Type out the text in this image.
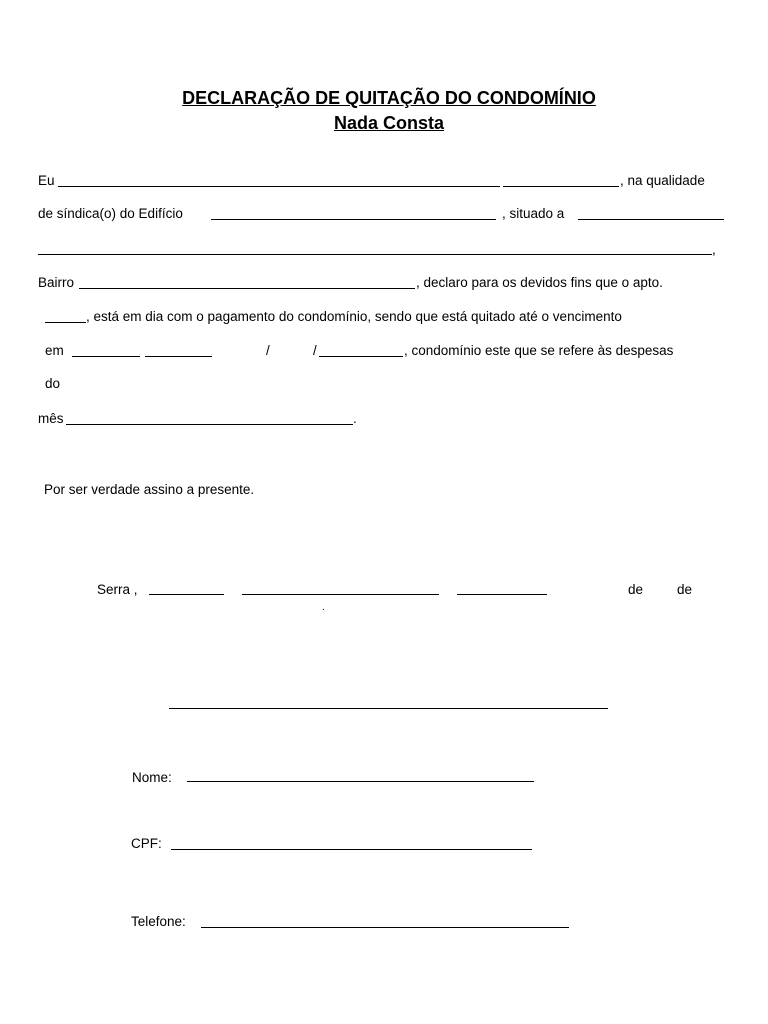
DECLARAÇÃO DE QUITAÇÃO DO CONDOMÍNIO
Nada Consta
Eu	, na qualidade
de síndica(o) do Edifício	, situado a
,
Bairro	, declaro para os devidos fins que o apto.
, está em dia com o pagamento do condomínio, sendo que está quitado até o vencimento
em	/	/	, condomínio este que se refere às despesas
do
mês	.
Por ser verdade assino a presente.
Serra ,	de	de
.
Nome:
CPF:
Telefone:
